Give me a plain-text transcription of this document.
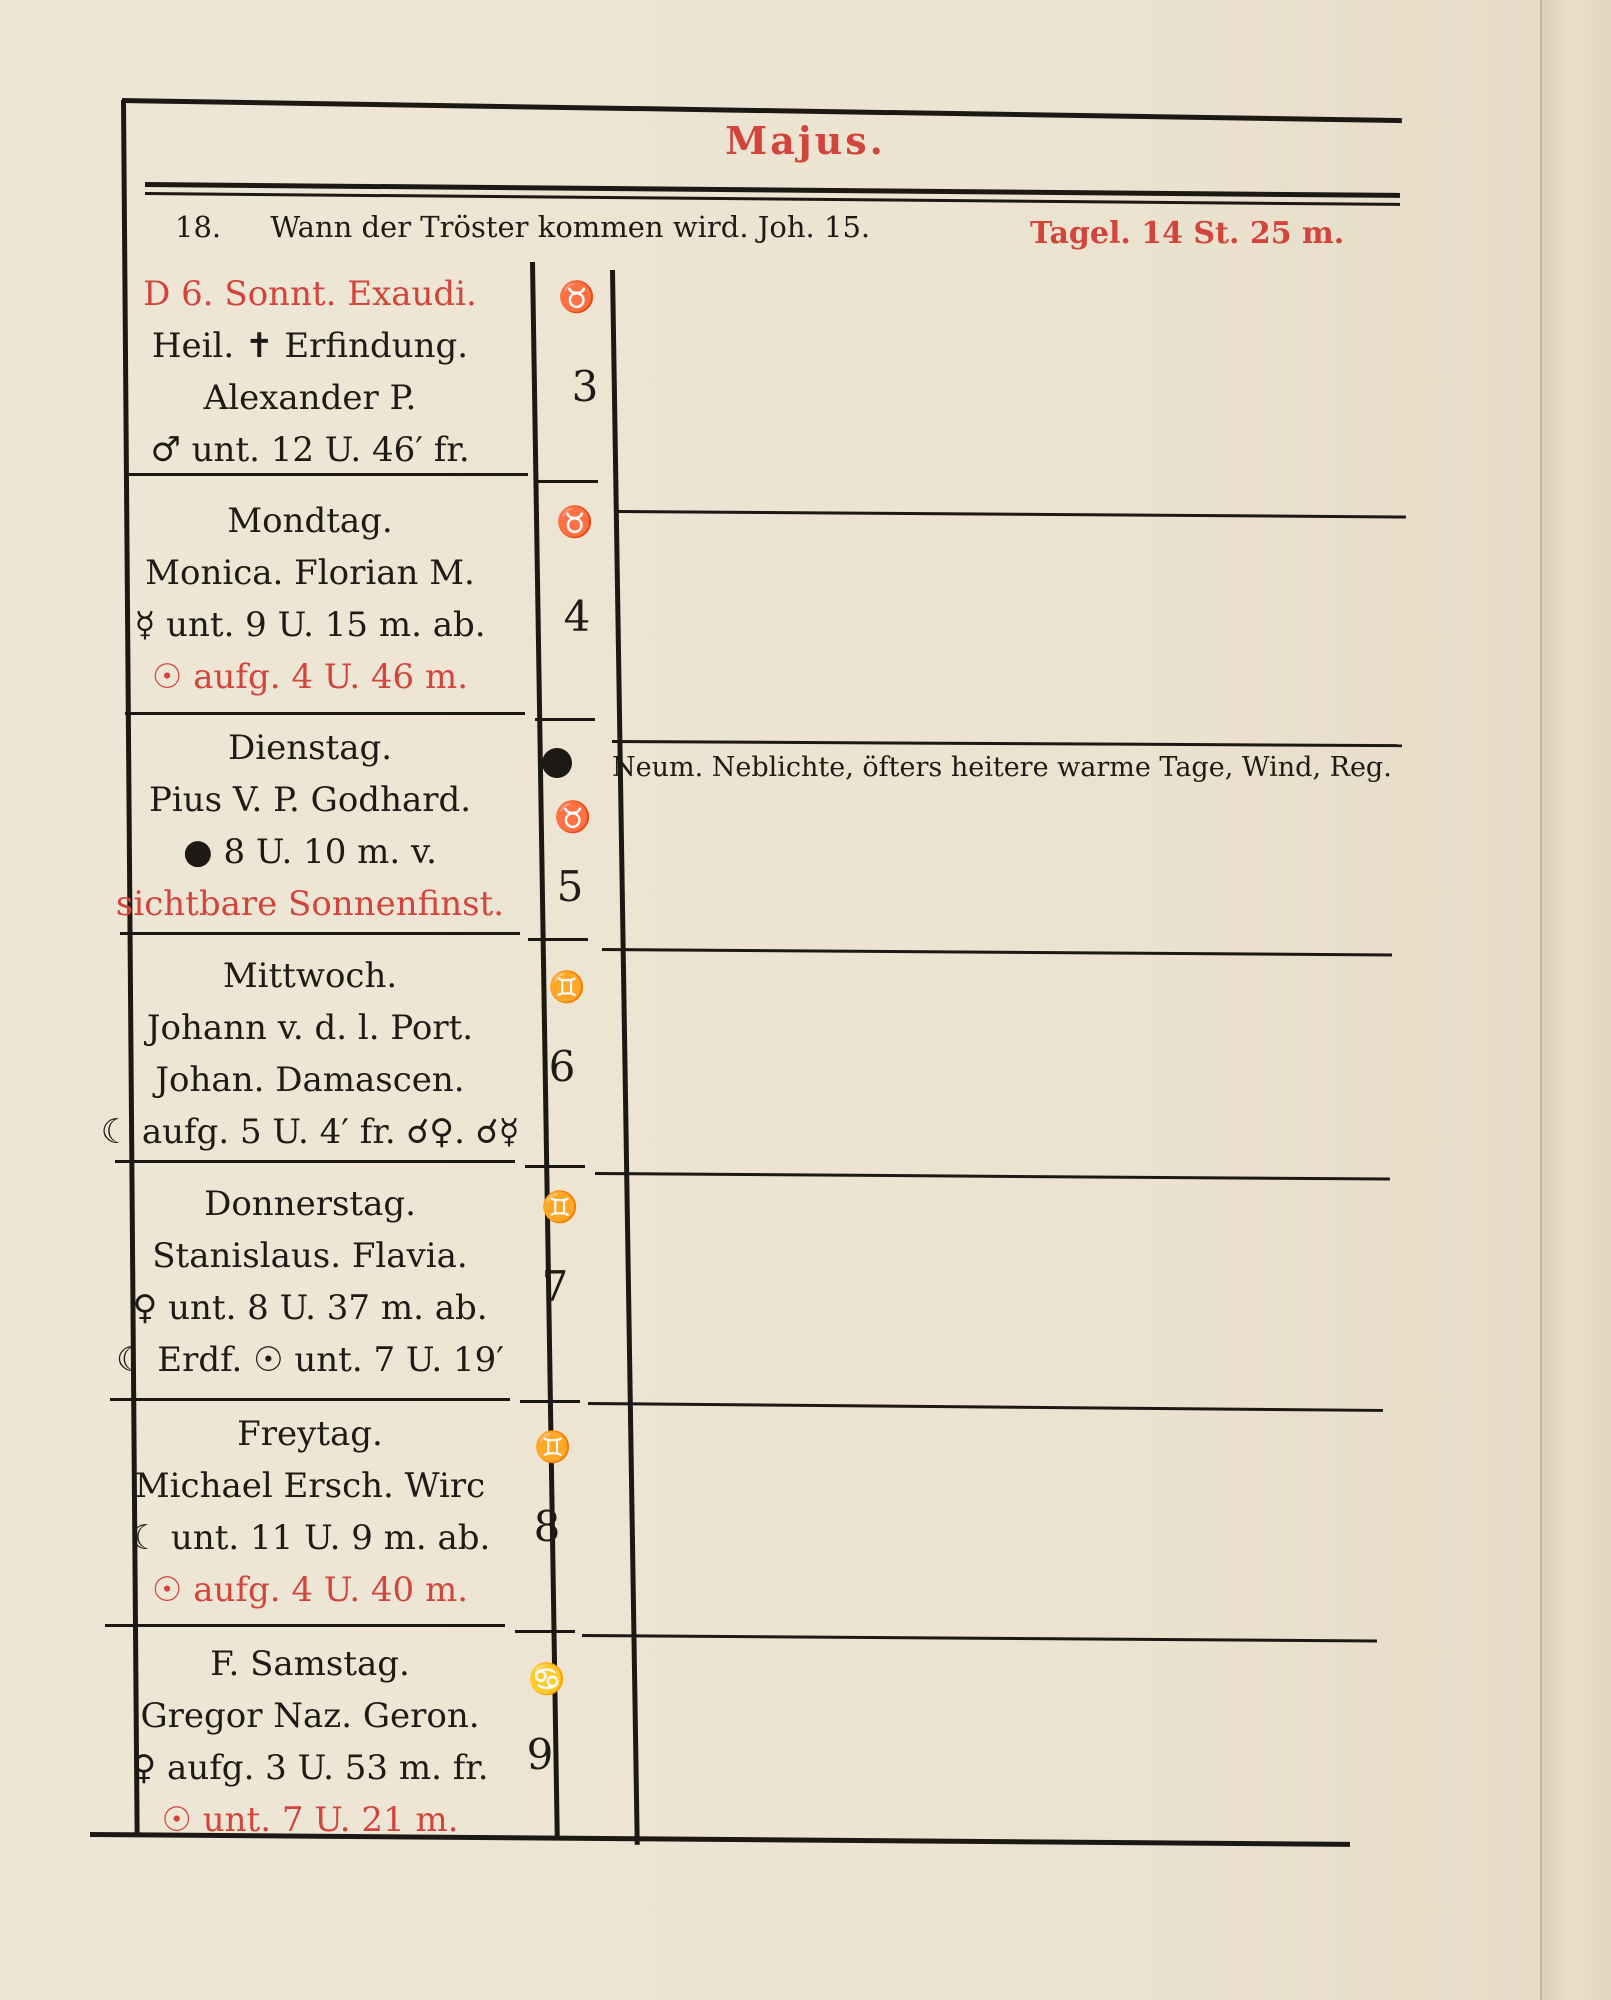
Majus.
18. Wann der Tröster kommen wird. Joh. 15.	Tagel. 14 St. 25 m.
D 6. Sonnt. Exaudi.
Heil. ✝ Erfindung.
Alexander P.
♂ unt. 12 U. 46′ fr.
Mondtag.
Monica. Florian M.
☿ unt. 9 U. 15 m. ab.
☉ aufg. 4 U. 46 m.
Dienstag.
Pius V. P. Godhard.
● 8 U. 10 m. v.
sichtbare Sonnenfinst.
Mittwoch.
Johann v. d. l. Port.
Johan. Damascen.
☾ aufg. 5 U. 4′ fr. ☌♀. ☌☿
Donnerstag.
Stanislaus. Flavia.
♀ unt. 8 U. 37 m. ab.
☾ Erdf. ☉ unt. 7 U. 19′
Freytag.
Michael Ersch. Wirc
☾ unt. 11 U. 9 m. ab.
☉ aufg. 4 U. 40 m.
F. Samstag.
Gregor Naz. Geron.
♀ aufg. 3 U. 53 m. fr.
☉ unt. 7 U. 21 m.
♉
♉
♉
♊
♊
♊
♋
3
4
5
6
7
8
9
Neum. Neblichte, öfters heitere warme Tage, Wind, Reg.
